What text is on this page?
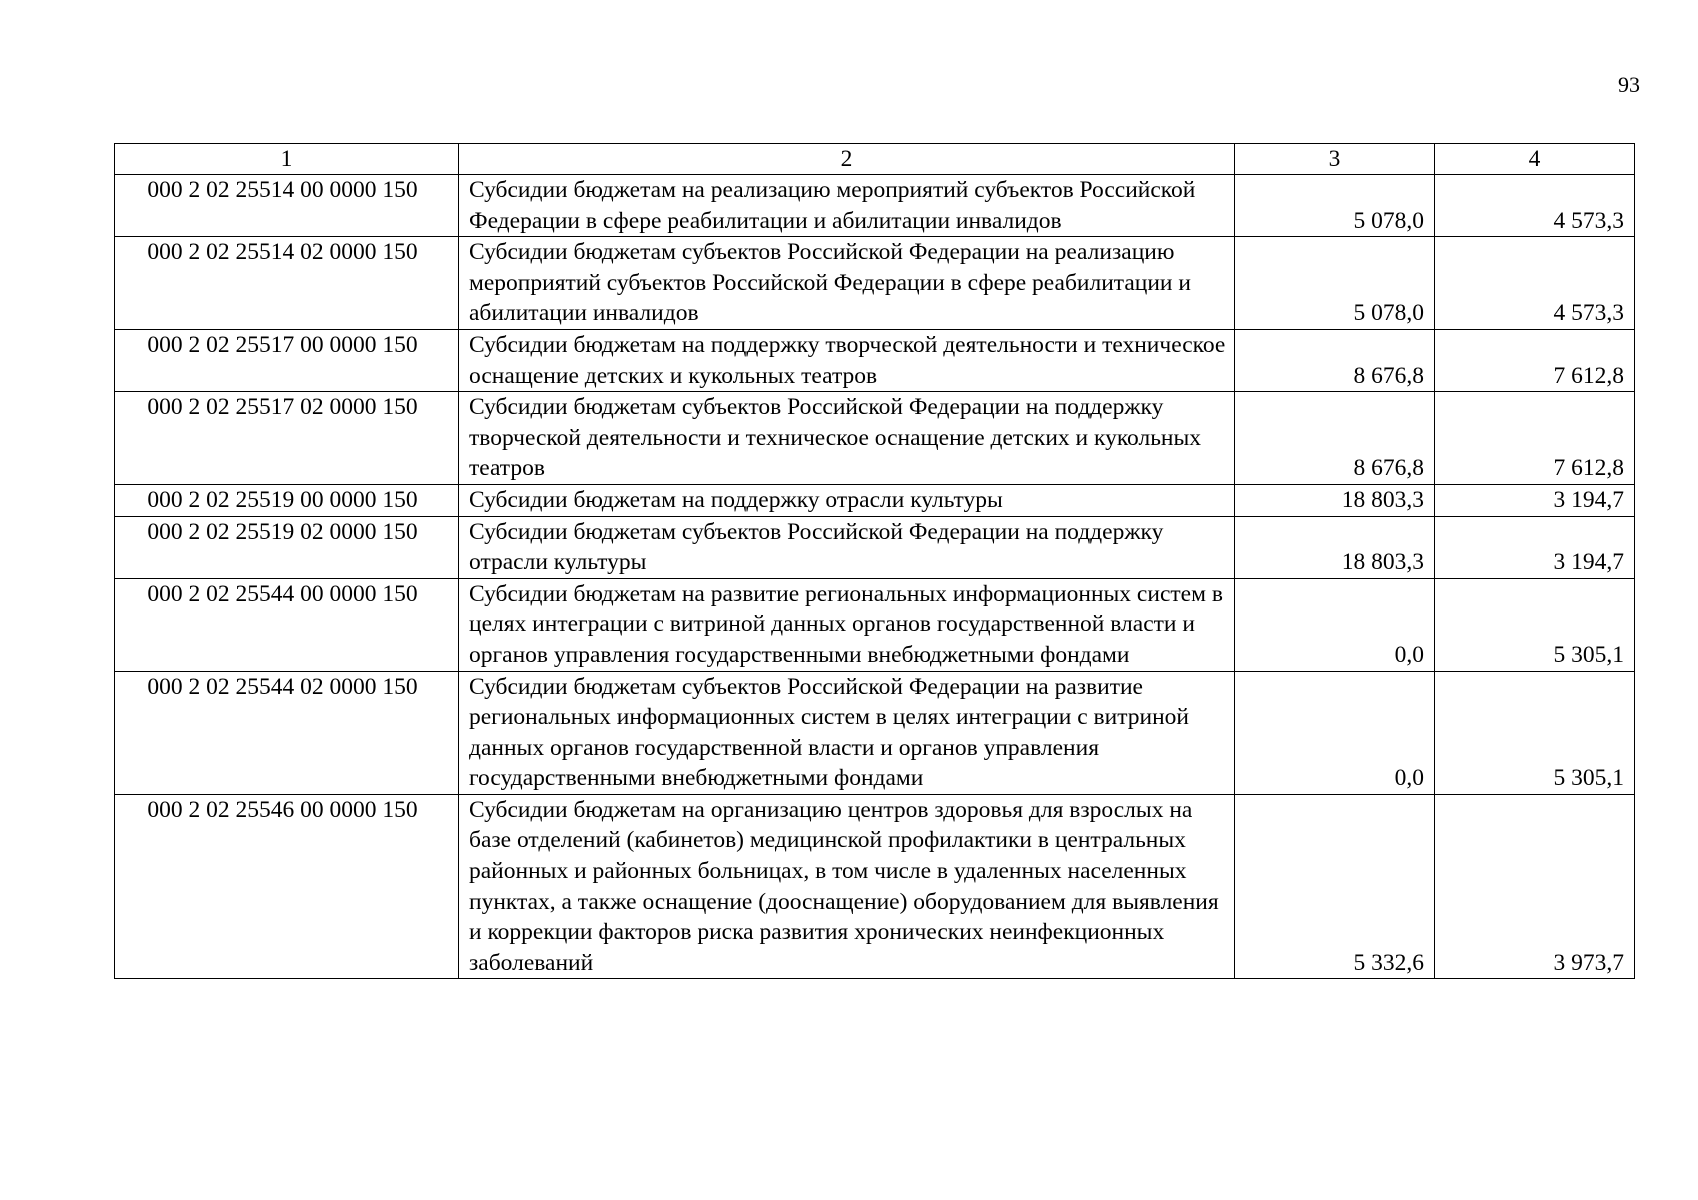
93
1	2	3	4
000 2 02 25514 00 0000 150	Субсидии бюджетам на реализацию мероприятий субъектов Российской Федерации в сфере реабилитации и абилитации инвалидов	5 078,0	4 573,3
000 2 02 25514 02 0000 150	Субсидии бюджетам субъектов Российской Федерации на реализацию мероприятий субъектов Российской Федерации в сфере реабилитации и абилитации инвалидов	5 078,0	4 573,3
000 2 02 25517 00 0000 150	Субсидии бюджетам на поддержку творческой деятельности и техническое оснащение детских и кукольных театров	8 676,8	7 612,8
000 2 02 25517 02 0000 150	Субсидии бюджетам субъектов Российской Федерации на поддержку творческой деятельности и техническое оснащение детских и кукольных театров	8 676,8	7 612,8
000 2 02 25519 00 0000 150	Субсидии бюджетам на поддержку отрасли культуры	18 803,3	3 194,7
000 2 02 25519 02 0000 150	Субсидии бюджетам субъектов Российской Федерации на поддержку отрасли культуры	18 803,3	3 194,7
000 2 02 25544 00 0000 150	Субсидии бюджетам на развитие региональных информационных систем в целях интеграции с витриной данных органов государственной власти и органов управления государственными внебюджетными фондами	0,0	5 305,1
000 2 02 25544 02 0000 150	Субсидии бюджетам субъектов Российской Федерации на развитие региональных информационных систем в целях интеграции с витриной данных органов государственной власти и органов управления государственными внебюджетными фондами	0,0	5 305,1
000 2 02 25546 00 0000 150	Субсидии бюджетам на организацию центров здоровья для взрослых на базе отделений (кабинетов) медицинской профилактики в центральных районных и районных больницах, в том числе в удаленных населенных пунктах, а также оснащение (дооснащение) оборудованием для выявления и коррекции факторов риска развития хронических неинфекционных заболеваний	5 332,6	3 973,7
